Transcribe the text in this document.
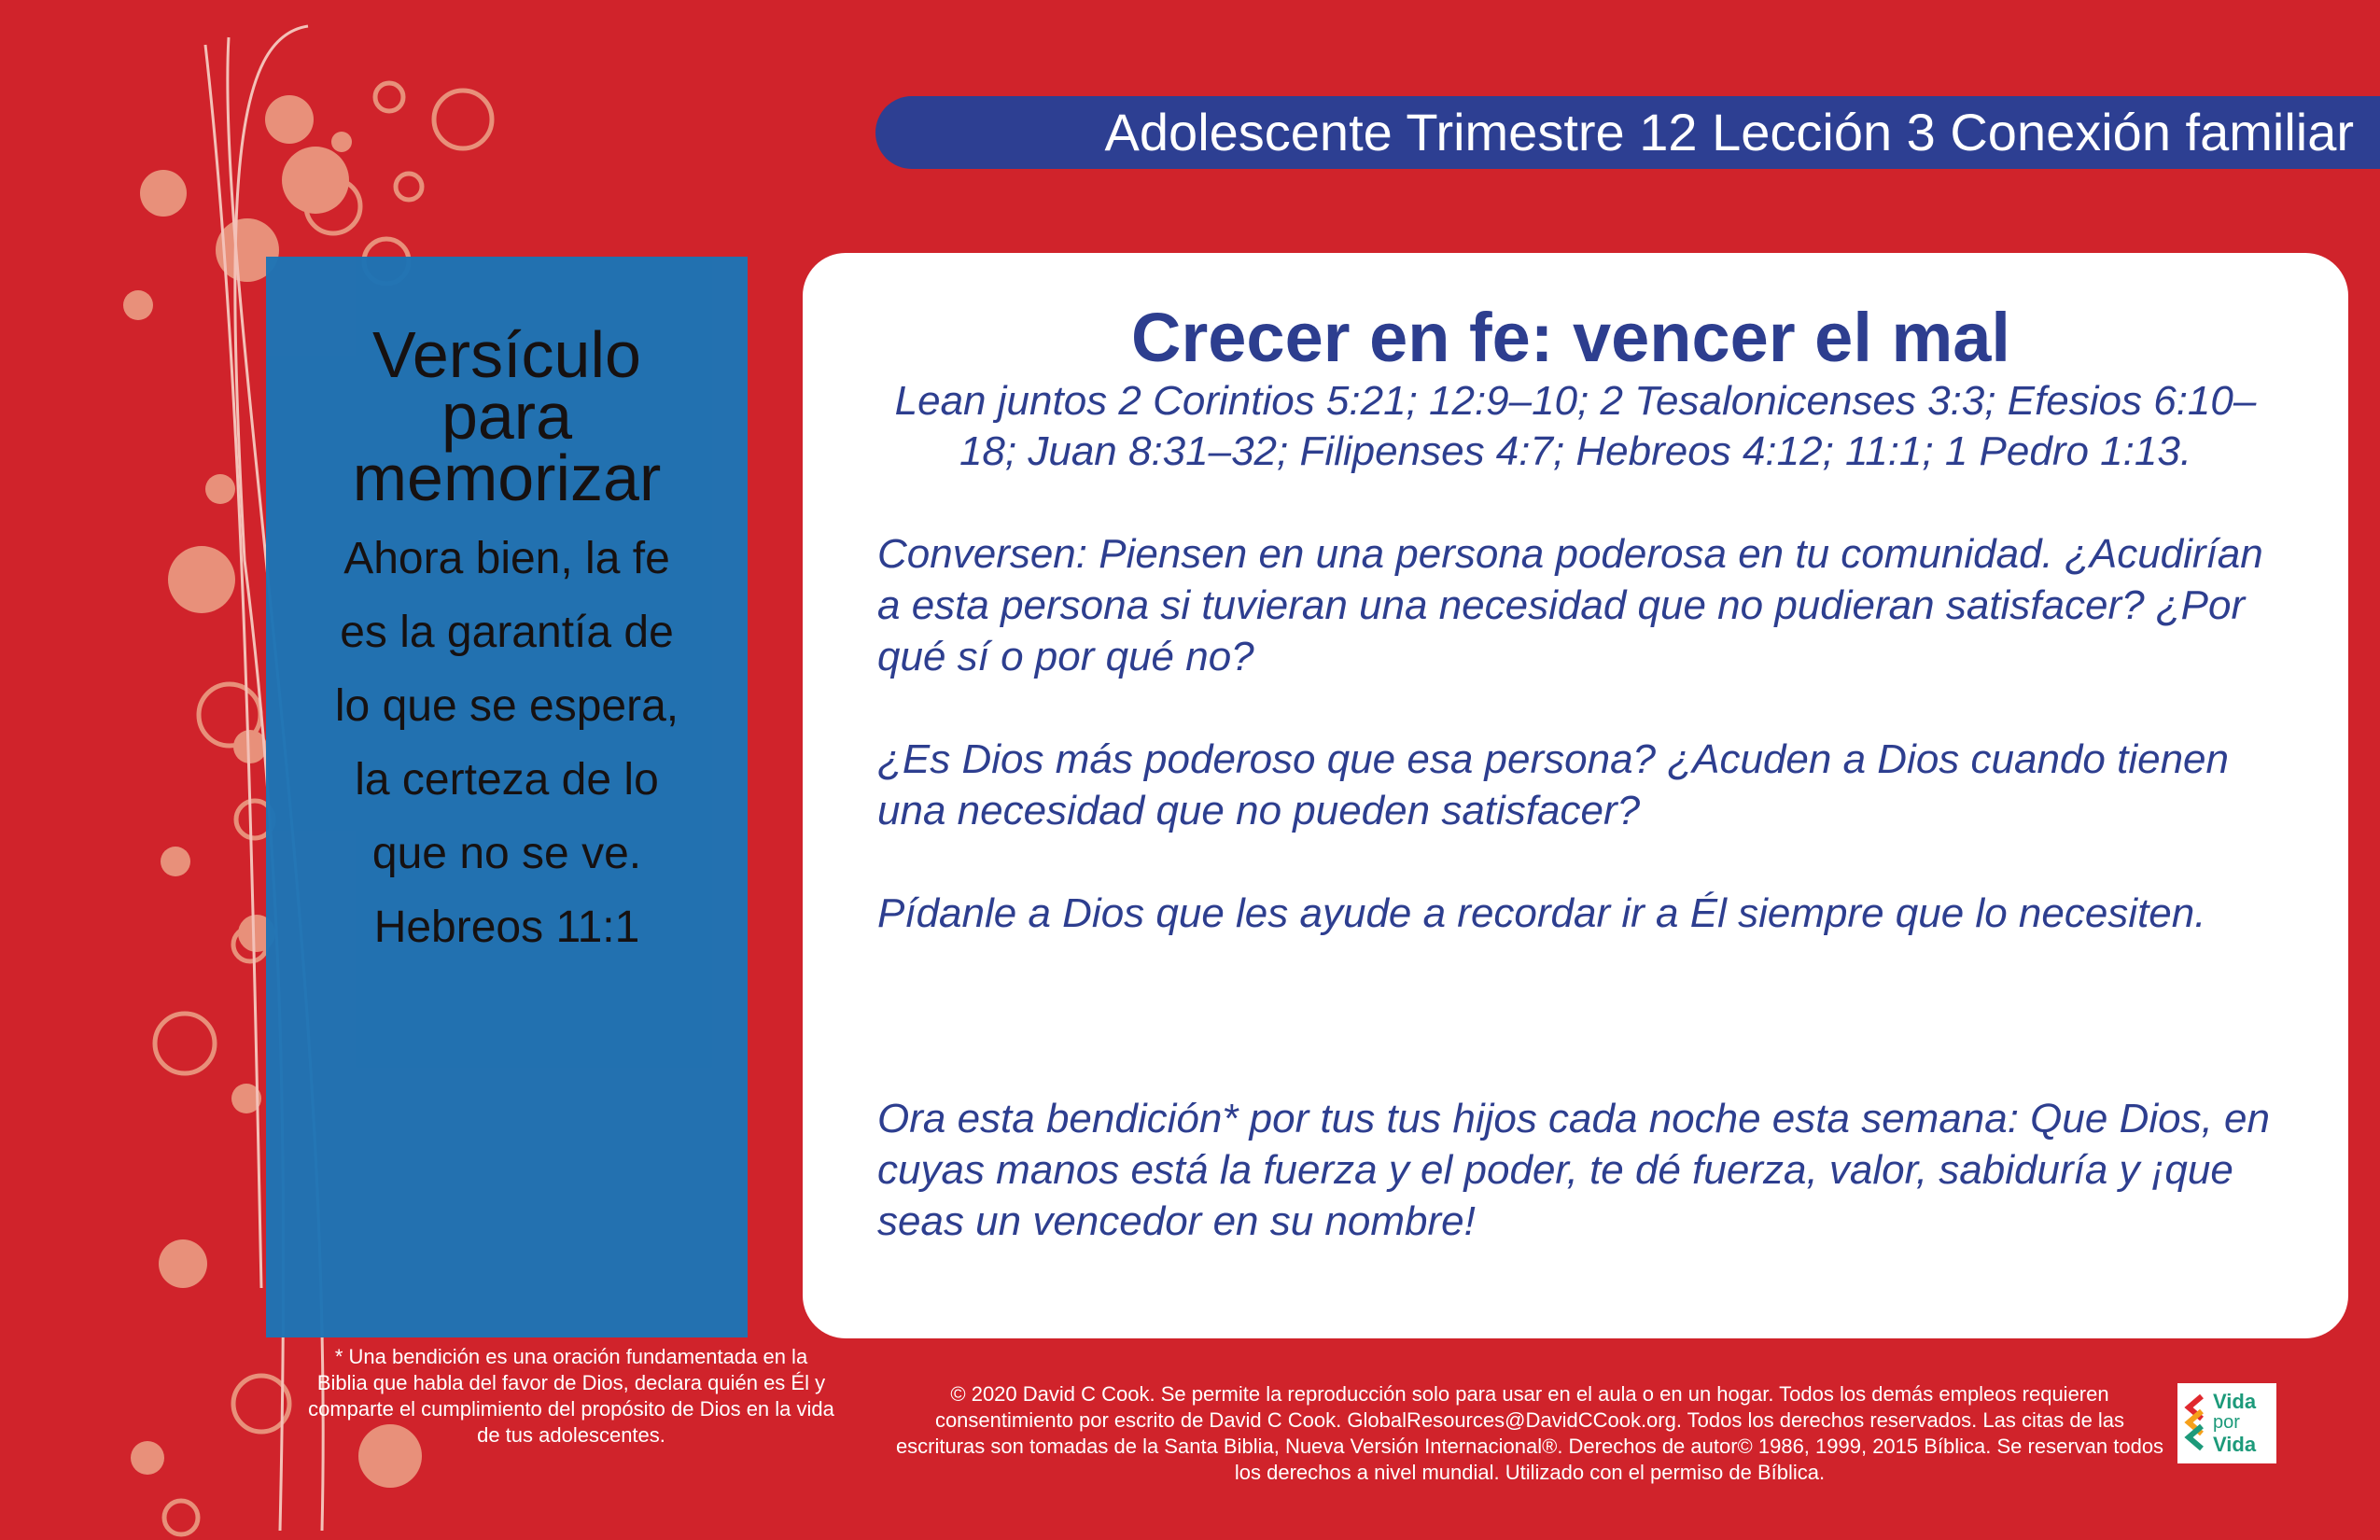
Adolescente Trimestre 12 Lección 3 Conexión familiar
Versículo
para
memorizar
Ahora bien, la fe
es la garantía de
lo que se espera,
la certeza de lo
que no se ve.
Hebreos 11:1
Crecer en fe: vencer el mal
Lean juntos 2 Corintios 5:21; 12:9–10; 2 Tesalonicenses 3:3; Efesios 6:10–18; Juan 8:31–32; Filipenses 4:7; Hebreos 4:12; 11:1; 1 Pedro 1:13.
Conversen: Piensen en una persona poderosa en tu comunidad. ¿Acudirían a esta persona si tuvieran una necesidad que no pudieran satisfacer? ¿Por qué sí o por qué no?
¿Es Dios más poderoso que esa persona? ¿Acuden a Dios cuando tienen una necesidad que no pueden satisfacer?
Pídanle a Dios que les ayude a recordar ir a Él siempre que lo necesiten.
Ora esta bendición* por tus tus hijos cada noche esta semana: Que Dios, en cuyas manos está la fuerza y el poder, te dé fuerza, valor, sabiduría y ¡que seas un vencedor en su nombre!
* Una bendición es una oración fundamentada en la Biblia que habla del favor de Dios, declara quién es Él y comparte el cumplimiento del propósito de Dios en la vida de tus adolescentes.
© 2020 David C Cook. Se permite la reproducción solo para usar en el aula o en un hogar. Todos los demás empleos requieren consentimiento por escrito de David C Cook. GlobalResources@DavidCCook.org. Todos los derechos reservados. Las citas de las escrituras son tomadas de la Santa Biblia, Nueva Versión Internacional®. Derechos de autor© 1986, 1999, 2015 Bíblica. Se reservan todos los derechos a nivel mundial. Utilizado con el permiso de Bíblica.
Vida
por
Vida
